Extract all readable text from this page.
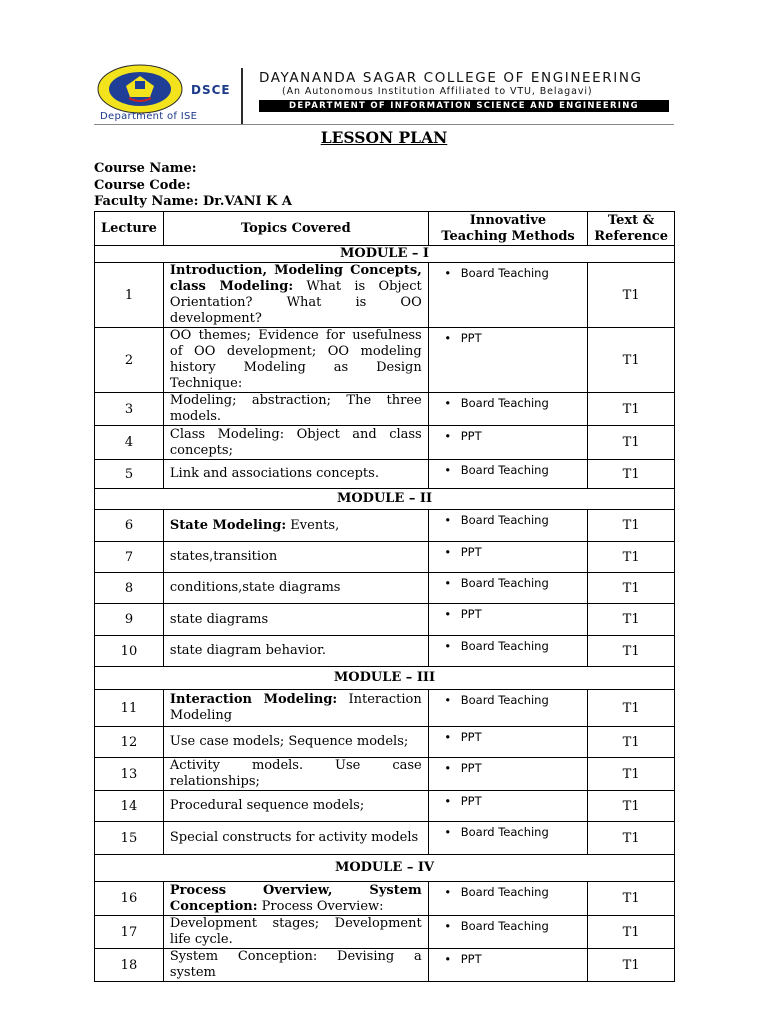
Department of ISE
DSCE
DAYANANDA SAGAR COLLEGE OF ENGINEERING
(An Autonomous Institution Affiliated to VTU, Belagavi)
DEPARTMENT OF INFORMATION SCIENCE AND ENGINEERING
LESSON PLAN
Course Name:
Course Code:
Faculty Name: Dr.VANI K A
Lecture	Topics Covered	Innovative Teaching Methods	Text & Reference
MODULE – I			
1	Introduction, Modeling Concepts, class Modeling: What is Object Orientation? What is OO development?	• Board Teaching	T1
2	OO themes; Evidence for usefulness of OO development; OO modeling history Modeling as Design Technique:	• PPT	T1
3	Modeling; abstraction; The three models.	• Board Teaching	T1
4	Class Modeling: Object and class concepts;	• PPT	T1
5	Link and associations concepts.	• Board Teaching	T1
MODULE – II			
6	State Modeling: Events,	• Board Teaching	T1
7	states,transition	• PPT	T1
8	conditions,state diagrams	• Board Teaching	T1
9	state diagrams	• PPT	T1
10	state diagram behavior.	• Board Teaching	T1
MODULE – III			
11	Interaction Modeling: Interaction Modeling	• Board Teaching	T1
12	Use case models; Sequence models;	• PPT	T1
13	Activity models. Use case relationships;	• PPT	T1
14	Procedural sequence models;	• PPT	T1
15	Special constructs for activity models	• Board Teaching	T1
MODULE – IV			
16	Process Overview, System Conception: Process Overview:	• Board Teaching	T1
17	Development stages; Development life cycle.	• Board Teaching	T1
18	System Conception: Devising a system	• PPT	T1
